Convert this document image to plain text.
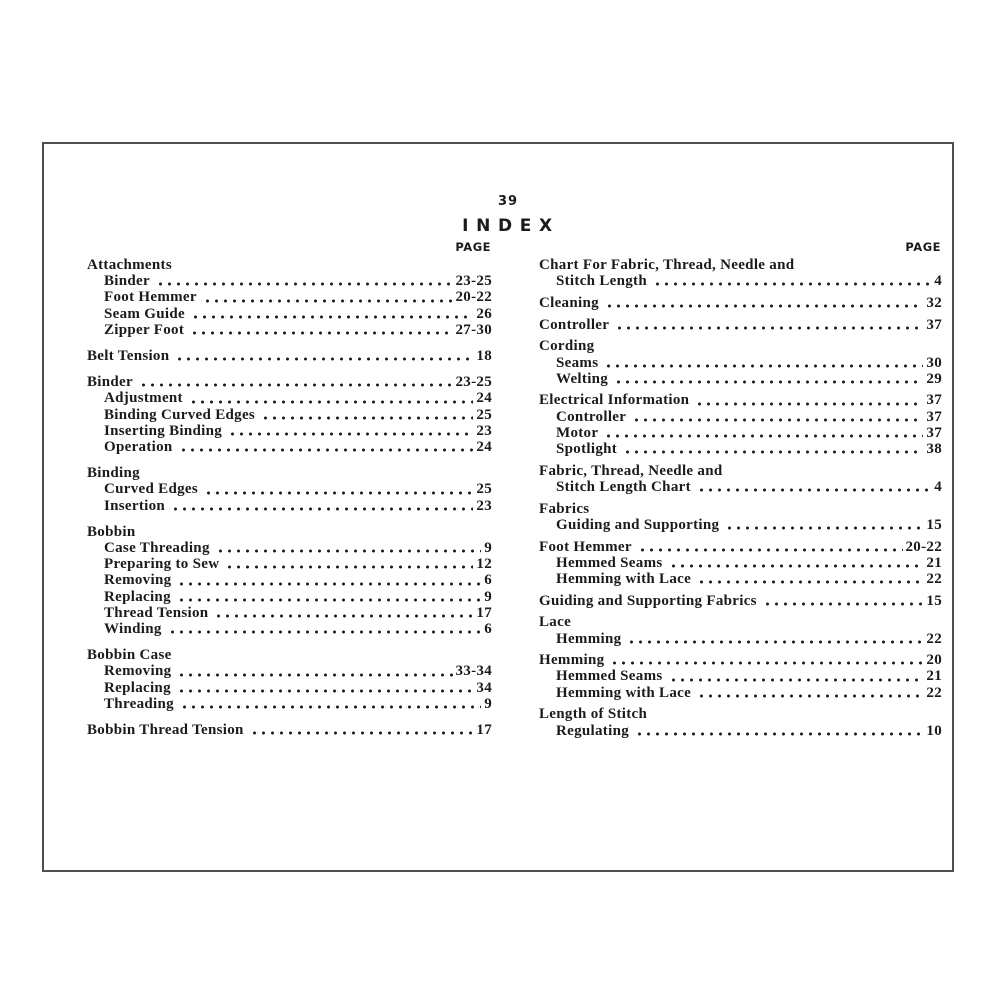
39
INDEX
PAGE
Attachments
Binder	23-25
Foot Hemmer	20-22
Seam Guide	26
Zipper Foot	27-30
Belt Tension	18
Binder	23-25
Adjustment	24
Binding Curved Edges	25
Inserting Binding	23
Operation	24
Binding
Curved Edges	25
Insertion	23
Bobbin
Case Threading	9
Preparing to Sew	12
Removing	6
Replacing	9
Thread Tension	17
Winding	6
Bobbin Case
Removing	33-34
Replacing	34
Threading	9
Bobbin Thread Tension	17
PAGE
Chart For Fabric, Thread, Needle and
Stitch Length	4
Cleaning	32
Controller	37
Cording
Seams	30
Welting	29
Electrical Information	37
Controller	37
Motor	37
Spotlight	38
Fabric, Thread, Needle and
Stitch Length Chart	4
Fabrics
Guiding and Supporting	15
Foot Hemmer	20-22
Hemmed Seams	21
Hemming with Lace	22
Guiding and Supporting Fabrics	15
Lace
Hemming	22
Hemming	20
Hemmed Seams	21
Hemming with Lace	22
Length of Stitch
Regulating	10
